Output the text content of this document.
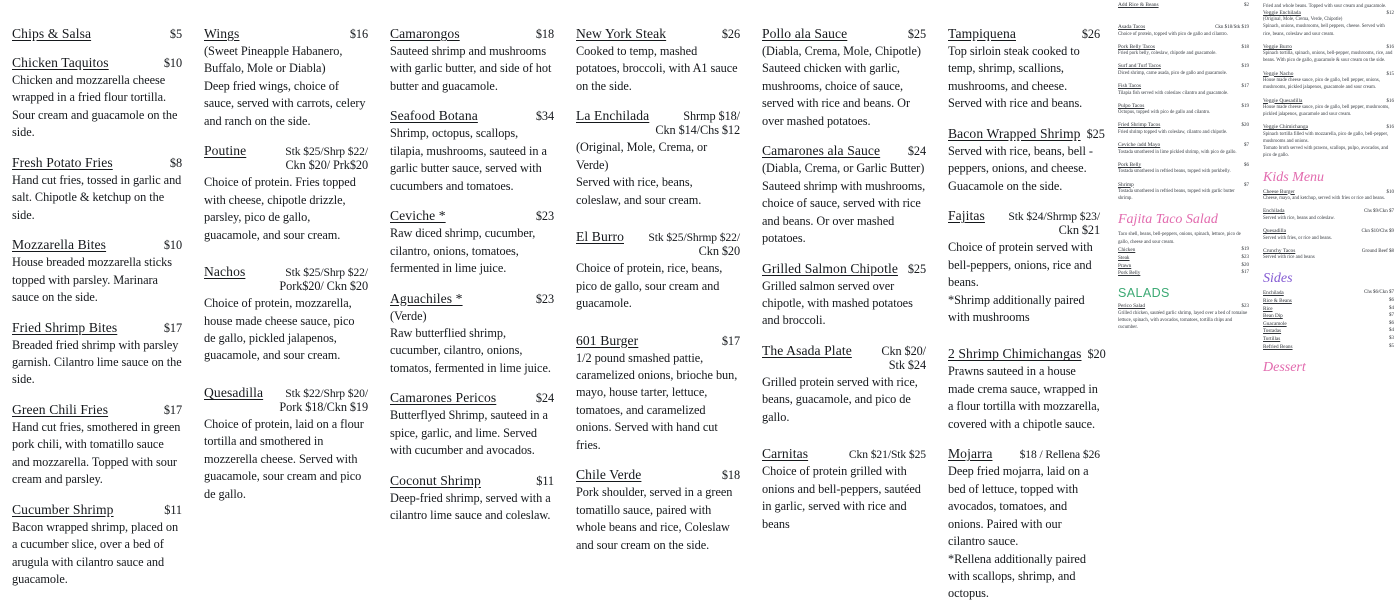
Chips & Salsa	$5
Chicken Taquitos	$10
Chicken and mozzarella cheese wrapped in a fried flour tortilla. Sour cream and guacamole on the side.
Fresh Potato Fries	$8
Hand cut fries, tossed in garlic and salt. Chipotle & ketchup on the side.
Mozzarella Bites	$10
House breaded mozzarella sticks topped with parsley. Marinara sauce on the side.
Fried Shrimp Bites	$17
Breaded fried shrimp with parsley garnish. Cilantro lime sauce on the side.
Green Chili Fries	$17
Hand cut fries, smothered in green pork chili, with tomatillo sauce and mozzarella. Topped with sour cream and parsley.
Cucumber Shrimp	$11
Bacon wrapped shrimp, placed on a cucumber slice, over a bed of arugula with cilantro sauce and guacamole.
Wings	$16
(Sweet Pineapple Habanero, Buffalo, Mole or Diabla)
Deep fried wings, choice of sauce, served with carrots, celery and ranch on the side.
Poutine	Stk $25/Shrp $22/
Ckn $20/ Prk$20
Choice of protein. Fries topped with cheese, chipotle drizzle, parsley, pico de gallo, guacamole, and sour cream.
Nachos	Stk $25/Shrp $22/
Pork$20/ Ckn $20
Choice of protein, mozzarella, house made cheese sauce, pico de gallo, pickled jalapenos, guacamole, and sour cream.
Quesadilla Stk $22/Shrp $20/
Pork $18/Ckn $19
Choice of protein, laid on a flour tortilla and smothered in mozzerella cheese. Served with guacamole, sour cream and pico de gallo.
Camarongos	$18
Sauteed shrimp and mushrooms with garlic butter, and side of hot butter and guacamole.
Seafood Botana	$34
Shrimp, octopus, scallops, tilapia, mushrooms, sauteed in a garlic butter sauce, served with cucumbers and tomatoes.
Ceviche *	$23
Raw diced shrimp, cucumber, cilantro, onions, tomatoes, fermented in lime juice.
Aguachiles *	$23
(Verde)
Raw butterflied shrimp, cucumber, cilantro, onions, tomatos, fermented in lime juice.
Camarones Pericos	$24
Butterflyed Shrimp, sauteed in a spice, garlic, and lime. Served with cucumber and avocados.
Coconut Shrimp	$11
Deep-fried shrimp, served with a cilantro lime sauce and coleslaw.
New York Steak	$26
Cooked to temp, mashed potatoes, broccoli, with A1 sauce on the side.
La Enchilada	Shrmp $18/
Ckn $14/Chs $12
(Original, Mole, Crema, or Verde)
Served with rice, beans, coleslaw, and sour cream.
El Burro Stk $25/Shrmp $22/
Ckn $20
Choice of protein, rice, beans, pico de gallo, sour cream and guacamole.
601 Burger	$17
1/2 pound smashed pattie, caramelized onions, brioche bun, mayo, house tarter, lettuce, tomatoes, and caramelized onions. Served with hand cut fries.
Chile Verde	$18
Pork shoulder, served in a green tomatillo sauce, paired with whole beans and rice, Coleslaw and sour cream on the side.
Pollo ala Sauce	$25
(Diabla, Crema, Mole, Chipotle)
Sauteed chicken with garlic, mushrooms, choice of sauce, served with rice and beans. Or over mashed potatoes.
Camarones ala Sauce $24
(Diabla, Crema, or Garlic Butter)
Sauteed shrimp with mushrooms, choice of sauce, served with rice and beans. Or over mashed potatoes.
Grilled Salmon Chipotle $25
Grilled salmon served over chipotle, with mashed potatoes and broccoli.
The Asada Plate Ckn $20/
Stk $24
Grilled protein served with rice, beans, guacamole, and pico de gallo.
Carnitas	Ckn $21/Stk $25
Choice of protein grilled with onions and bell-peppers, sautéed in garlic, served with rice and beans
Tampiquena	$26
Top sirloin steak cooked to temp, shrimp, scallions, mushrooms, and cheese. Served with rice and beans.
Bacon Wrapped Shrimp $25
Served with rice, beans, bell - peppers, onions, and cheese. Guacamole on the side.
Fajitas Stk $24/Shrmp $23/
Ckn $21
Choice of protein served with bell-peppers, onions, rice and beans.
*Shrimp additionally paired with mushrooms
2 Shrimp Chimichangas $20
Prawns sauteed in a house made crema sauce, wrapped in a flour tortilla with mozzarella, covered with a chipotle sauce.
Mojarra $18 / Rellena $26
Deep fried mojarra, laid on a bed of lettuce, topped with avocados, tomatoes, and onions. Paired with our cilantro sauce.
*Rellena additionally paired with scallops, shrimp, and octopus.
Add Rice & Beans	$2
Asada Tacos	Ckn $18/Stk $19
Choice of protein, topped with pico de gallo and cilantro.
Pork Belly Tacos	$18
Fried pork belly, coleslaw, chipotle and guacamole.
Surf and Turf Tacos	$19
Diced shrimp, carne asada, pico de gallo and guacamole.
Fish Tacos	$17
Tilapia fish served with coleslaw cilantro and guacamole.
Pulpo Tacos	$19
Octopus, topped with pico de gallo and cilantro.
Fried Shrimp Tacos	$20
Fried shrimp topped with coleslaw, cilantro and chipotle.
Ceviche /add Mayo	$7
Tostada smothered in lime pickled shrimp, with pico de gallo.
Pork Belly	$6
Tostada smothered in refried beans, topped with porkbelly.
Shrimp	$7
Tostada smothered in refried beans, topped with garlic butter shrimp.
Fajita Taco Salad
Taco shell, beans, bell-peppers, onions, spinach, lettuce, pico de gallo, cheese and sour cream.
Chicken	$19
Steak	$23
Prawn	$20
Pork Belly	$17
SALADS
Perico Salad	$23
Grilled chicken, sautéed garlic shrimp, layed over a bed of romaine lettuce, spinach, with avocados, tomatoes, tortilla chips and cucumber.
Fried and whole beans. Topped with sour cream and guacamole.
Veggie Enchilada	$12
(Original, Mole, Crema, Verde, Chipotle)
Spinach, onions, mushrooms, bell peppers, cheese. Served with rice, beans, coleslaw and sour cream.
Veggie Burro	$16
Spinach tortilla, spinach, onions, bell-pepper, mushrooms, rice, and beans. With pico de gallo, guacamole & sour cream on the side.
Veggie Nacho	$15
House made cheese sauce, pico de gallo, bell pepper, onions, mushrooms, pickled jalapenos, guacamole and sour cream.
Veggie Quesadilla	$16
House made cheese sauce, pico de gallo, bell pepper, mushrooms, pickled jalapenos, guacamole and sour cream.
Veggie Chimichanga	$16
Spinach tortilla filled with mozzarella, pico de gallo, bell-pepper, mushrooms and onions.
Tomato broth served with prawns, scallops, pulpo, avocados, and pico de gallo.
Kids Menu
Cheese Burger	$10
Cheese, mayo, and ketchup, served with fries or rice and beans.
Enchilada	Chs $9/Ckn $7
Served with rice, beans and coleslaw.
Quesadilla	Ckn $10/Chs $9
Served with fries, or rice and beans.
Crunchy Tacos	Ground Beef $8
Served with rice and beans
Sides
Enchilada	Chs $6/Ckn $7
Rice & Beans	$6
Rice	$4
Bean Dip	$7
Guacamole	$6
Tostadas	$4
Tortillas	$3
Refried Beans	$5
Dessert
